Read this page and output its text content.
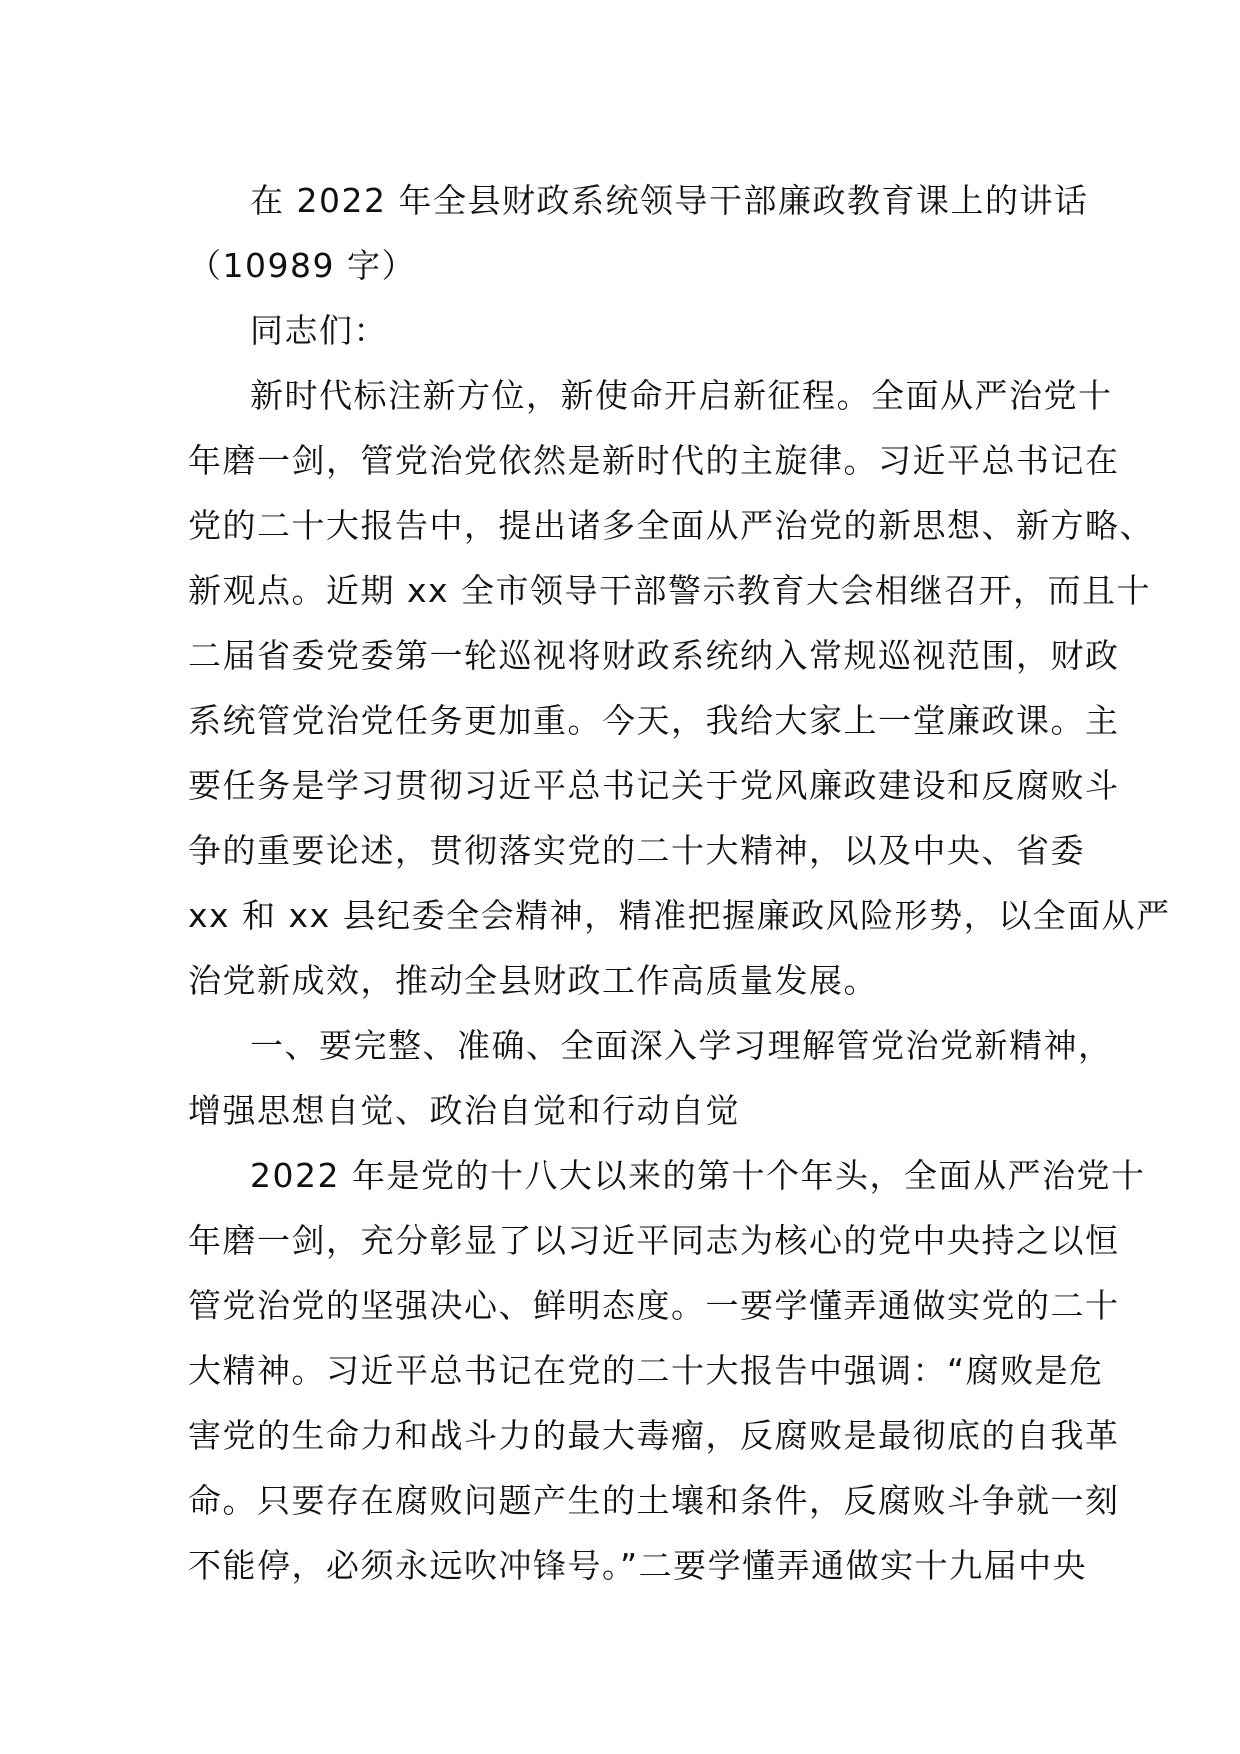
在 2022 年全县财政系统领导干部廉政教育课上的讲话
（10989 字）
同志们：
新时代标注新方位，新使命开启新征程。全面从严治党十
年磨一剑，管党治党依然是新时代的主旋律。习近平总书记在
党的二十大报告中，提出诸多全面从严治党的新思想、新方略、
新观点。近期 xx 全市领导干部警示教育大会相继召开，而且十
二届省委党委第一轮巡视将财政系统纳入常规巡视范围，财政
系统管党治党任务更加重。今天，我给大家上一堂廉政课。主
要任务是学习贯彻习近平总书记关于党风廉政建设和反腐败斗
争的重要论述，贯彻落实党的二十大精神，以及中央、省委
xx 和 xx 县纪委全会精神，精准把握廉政风险形势，以全面从严
治党新成效，推动全县财政工作高质量发展。
一、要完整、准确、全面深入学习理解管党治党新精神，
增强思想自觉、政治自觉和行动自觉
2022 年是党的十八大以来的第十个年头，全面从严治党十
年磨一剑，充分彰显了以习近平同志为核心的党中央持之以恒
管党治党的坚强决心、鲜明态度。一要学懂弄通做实党的二十
大精神。习近平总书记在党的二十大报告中强调：“腐败是危
害党的生命力和战斗力的最大毒瘤，反腐败是最彻底的自我革
命。只要存在腐败问题产生的土壤和条件，反腐败斗争就一刻
不能停，必须永远吹冲锋号。”二要学懂弄通做实十九届中央
